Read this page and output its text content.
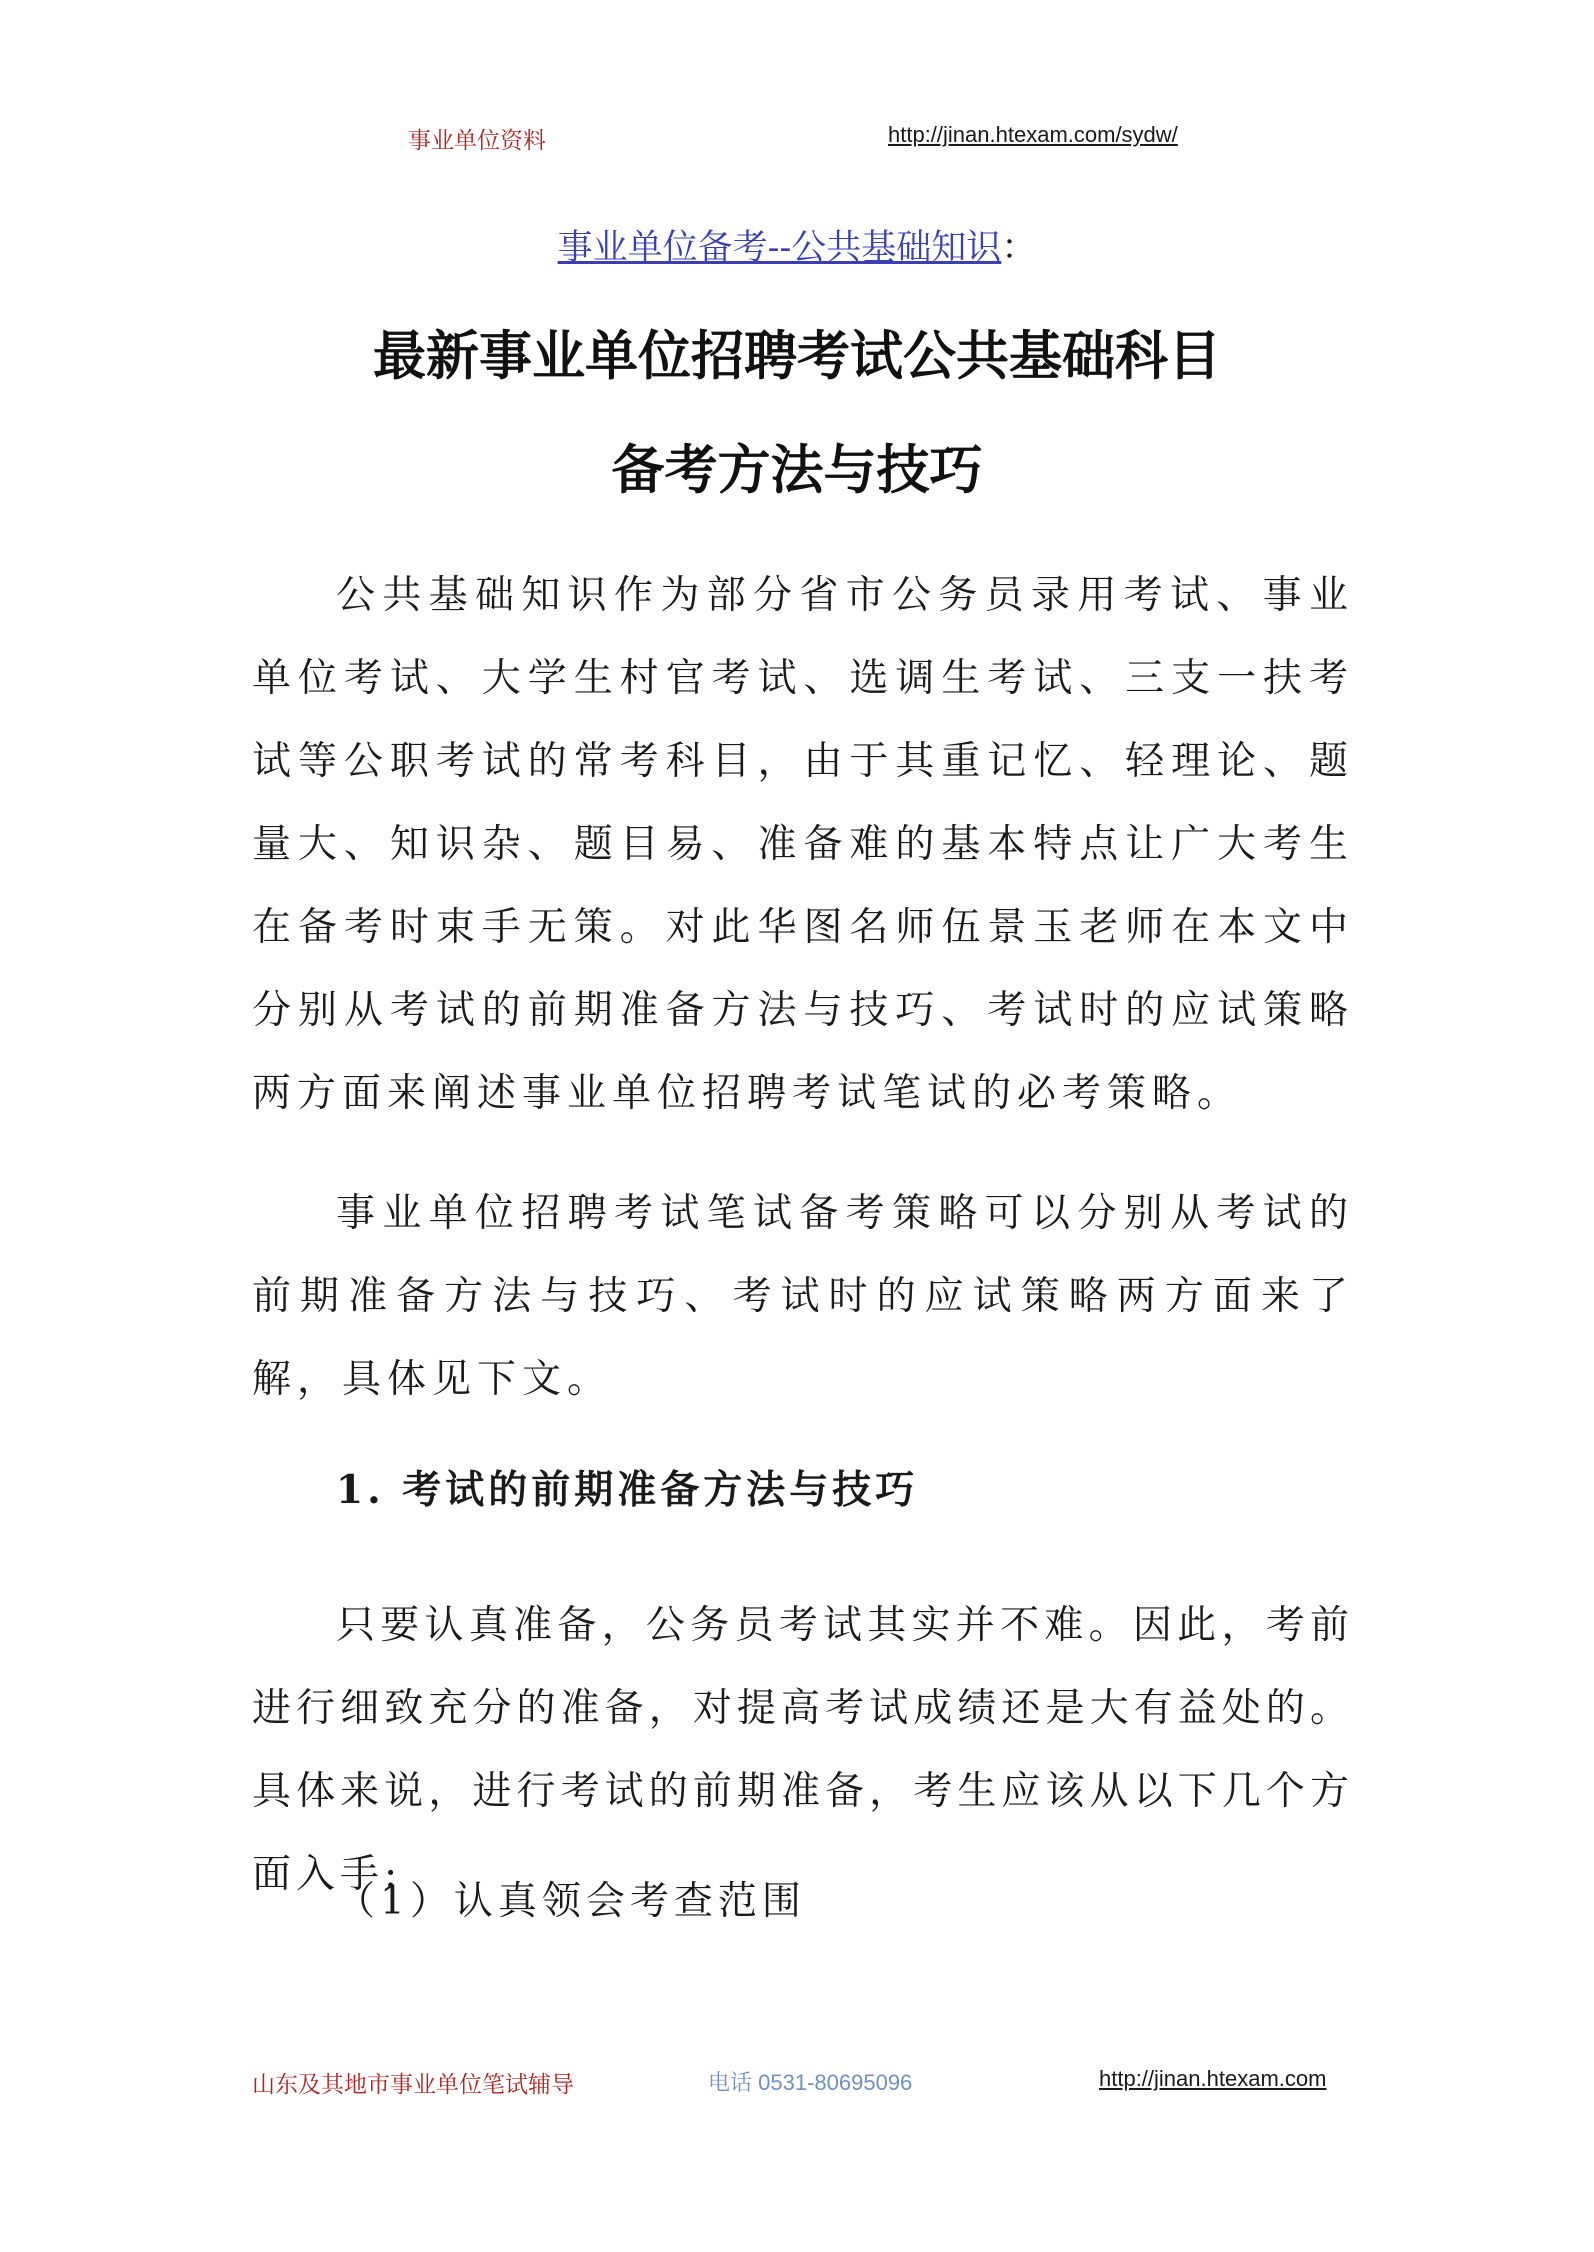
事业单位资料	http://jinan.htexam.com/sydw/
事业单位备考--公共基础知识：
最新事业单位招聘考试公共基础科目
备考方法与技巧

公共基础知识作为部分省市公务员录用考试、事业单位考试、大学生村官考试、选调生考试、三支一扶考试等公职考试的常考科目，由于其重记忆、轻理论、题量大、知识杂、题目易、准备难的基本特点让广大考生在备考时束手无策。对此华图名师伍景玉老师在本文中分别从考试的前期准备方法与技巧、考试时的应试策略两方面来阐述事业单位招聘考试笔试的必考策略。

事业单位招聘考试笔试备考策略可以分别从考试的前期准备方法与技巧、考试时的应试策略两方面来了解，具体见下文。

1. 考试的前期准备方法与技巧

只要认真准备，公务员考试其实并不难。因此，考前进行细致充分的准备，对提高考试成绩还是大有益处的。具体来说，进行考试的前期准备，考生应该从以下几个方面入手:

（1）认真领会考查范围
山东及其地市事业单位笔试辅导	电话 0531-80695096	http://jinan.htexam.com
